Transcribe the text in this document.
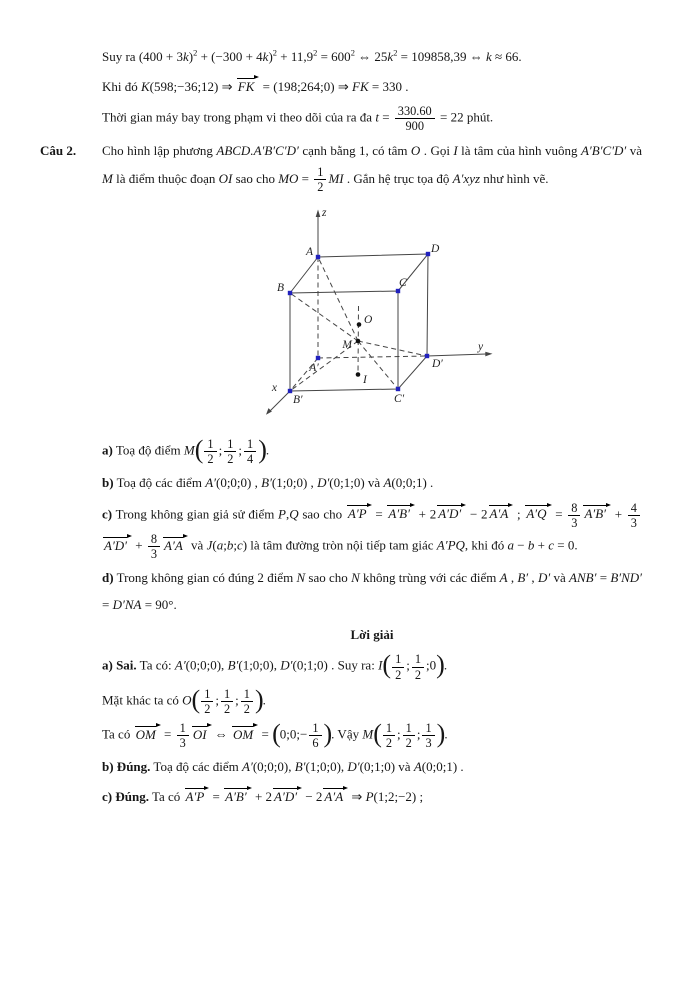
Suy ra $(400 + 3k)^2 + (-300 + 4k)^2 + 11,9^2 = 600^2$ ⇔ $25k^2 = 109858,39$ ⇔ k ≈ 66.
Khi đó K(598;−36;12) ⇒ FK = (198;264;0) ⇒ FK = 330 .
Thời gian máy bay trong phạm vi theo dõi của ra đa $t = \frac{330.60}{900} = 22$ phút.
Câu 2. Cho hình lập phương ABCD.A′B′C′D′ cạnh bằng 1, có tâm O . Gọi I là tâm của hình vuông A′B′C′D′ và M là điểm thuộc đoạn OI sao cho MO = $\frac{1}{2}$ MI . Gắn hệ trục tọa độ A′xyz như hình vẽ.
A	D
B	C
A′	D′
B′	C′
O
M
I
x
y
z
a) Toạ độ điểm $M( \frac{1}{2}$ ; $\frac{1}{2}$ ; $\frac{1}{4}$ ).
b) Toạ độ các điểm A′(0;0;0) , B′(1;0;0) , D′(0;1;0) và A(0;0;1) .
c) Trong không gian giả sử điểm P,Q sao cho A′P = A′B′ + 2 A′D′ − 2 A′A ; $A'Q = \frac{8}{3} A'B' + \frac{4}{3}$
$A'D' + \frac{8}{3} A'A$ và J(a;b;c) là tâm đường tròn nội tiếp tam giác A′PQ, khi đó a − b + c = 0.
d) Trong không gian có đúng 2 điểm N sao cho N không trùng với các điểm A , B′ , D′ và ANB′ = B′ND′ = D′NA = 90°.
Lời giải
a) Sai. Ta có: A′(0;0;0), B′(1;0;0), D′(0;1;0) . Suy ra: $I( \frac{1}{2}$ ; $\frac{1}{2}$ ;0).
Mặt khác ta có $O( \frac{1}{2}$ ; $\frac{1}{2}$ ; $\frac{1}{2}$ ).
Ta có OM = $\frac{1}{3}$ OI ⇔ OM = (0;0;− $\frac{1}{6}$ ). Vậy $M( \frac{1}{2}$ ; $\frac{1}{2}$ ; $\frac{1}{3}$ ).
b) Đúng. Toạ độ các điểm A′(0;0;0), B′(1;0;0), D′(0;1;0) và A(0;0;1) .
c) Đúng. Ta có A′P = A′B′ + 2 A′D′ − 2 A′A ⇒ P(1;2;−2) ;
